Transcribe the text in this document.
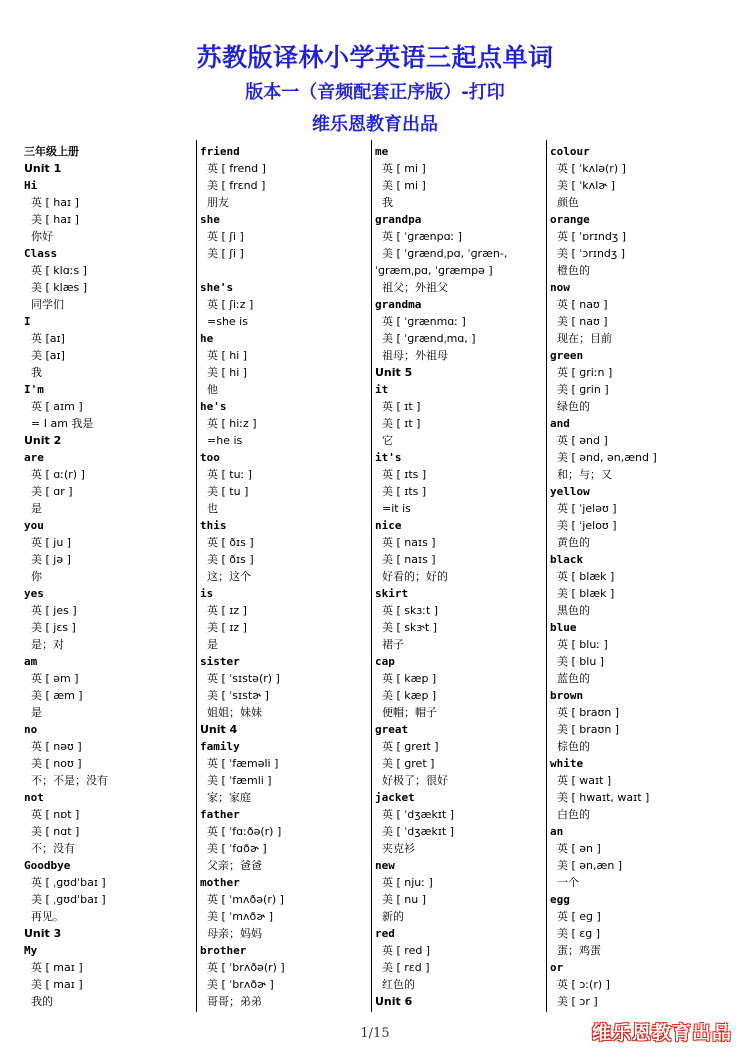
苏教版译林小学英语三起点单词
版本一（音频配套正序版）-打印
维乐恩教育出品
三年级上册
Unit 1
Hi
英 [ haɪ ]
美 [ haɪ ]
你好
Class
英 [ klɑːs ]
美 [ klæs ]
同学们
I
英 [aɪ]
美 [aɪ]
我
I'm
英 [ aɪm ]
= I am 我是
Unit 2
are
英 [ ɑː(r) ]
美 [ ɑr ]
是
you
英 [ ju ]
美 [ jə ]
你
yes
英 [ jes ]
美 [ jɛs ]
是；对
am
英 [ əm ]
美 [ æm ]
是
no
英 [ nəʊ ]
美 [ noʊ ]
不；不是；没有
not
英 [ nɒt ]
美 [ nɑt ]
不；没有
Goodbye
英 [ ˌɡʊdˈbaɪ ]
美 [ ˌɡʊdˈbaɪ ]
再见。
Unit 3
My
英 [ maɪ ]
美 [ maɪ ]
我的
friend
英 [ frend ]
美 [ frɛnd ]
朋友
she
英 [ ʃi ]
美 [ ʃi ]
she's
英 [ ʃiːz ]
=she is
he
英 [ hi ]
美 [ hi ]
他
he's
英 [ hiːz ]
=he is
too
英 [ tuː ]
美 [ tu ]
也
this
英 [ ðɪs ]
美 [ ðɪs ]
这；这个
is
英 [ ɪz ]
美 [ ɪz ]
是
sister
英 [ ˈsɪstə(r) ]
美 [ ˈsɪstɚ ]
姐姐；妹妹
Unit 4
family
英 [ ˈfæməli ]
美 [ ˈfæmli ]
家；家庭
father
英 [ ˈfɑːðə(r) ]
美 [ ˈfɑðɚ ]
父亲；爸爸
mother
英 [ ˈmʌðə(r) ]
美 [ ˈmʌðɚ ]
母亲；妈妈
brother
英 [ ˈbrʌðə(r) ]
美 [ ˈbrʌðɚ ]
哥哥；弟弟
me
英 [ mi ]
美 [ mi ]
我
grandpa
英 [ ˈɡrænpɑː ]
美 [ ˈɡrændˌpɑ, ˈɡræn-,
ˈɡræmˌpɑ, ˈɡræmpə ]
祖父；外祖父
grandma
英 [ ˈɡrænmɑː ]
美 [ ˈɡrændˌmɑ, ]
祖母；外祖母
Unit 5
it
英 [ ɪt ]
美 [ ɪt ]
它
it's
英 [ ɪts ]
美 [ ɪts ]
=it is
nice
英 [ naɪs ]
美 [ naɪs ]
好看的；好的
skirt
英 [ skɜːt ]
美 [ skɝt ]
裙子
cap
英 [ kæp ]
美 [ kæp ]
便帽；帽子
great
英 [ ɡreɪt ]
美 [ ɡret ]
好极了；很好
jacket
英 [ ˈdʒækɪt ]
美 [ ˈdʒækɪt ]
夹克衫
new
英 [ njuː ]
美 [ nu ]
新的
red
英 [ red ]
美 [ rɛd ]
红色的
Unit 6
colour
英 [ ˈkʌlə(r) ]
美 [ ˈkʌlɚ ]
颜色
orange
英 [ ˈɒrɪndʒ ]
美 [ ˈɔrɪndʒ ]
橙色的
now
英 [ naʊ ]
美 [ naʊ ]
现在；目前
green
英 [ ɡriːn ]
美 [ ɡrin ]
绿色的
and
英 [ ənd ]
美 [ ənd, ən,ænd ]
和；与；又
yellow
英 [ ˈjeləʊ ]
美 [ ˈjeloʊ ]
黄色的
black
英 [ blæk ]
美 [ blæk ]
黑色的
blue
英 [ bluː ]
美 [ blu ]
蓝色的
brown
英 [ braʊn ]
美 [ braʊn ]
棕色的
white
英 [ waɪt ]
美 [ hwaɪt, waɪt ]
白色的
an
英 [ ən ]
美 [ ən,æn ]
一个
egg
英 [ eɡ ]
美 [ ɛɡ ]
蛋；鸡蛋
or
英 [ ɔː(r) ]
美 [ ɔr ]
1/15	维乐恩教育出品
